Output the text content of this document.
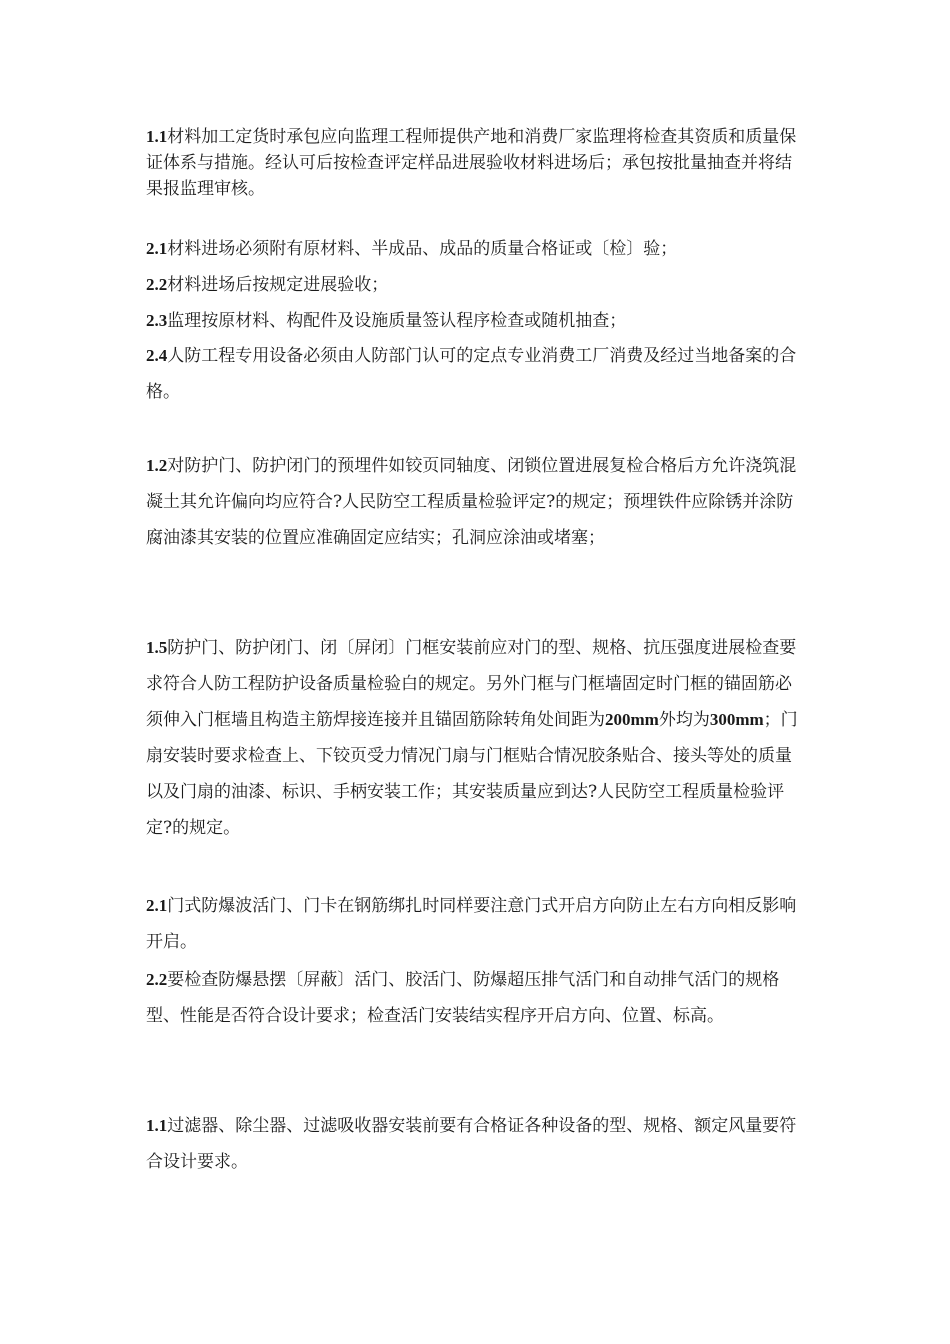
1.1材料加工定货时承包应向监理工程师提供产地和消费厂家监理将检查其资质和质量保证体系与措施。经认可后按检查评定样品进展验收材料进场后；承包按批量抽查并将结果报监理审核。

2.1材料进场必须附有原材料、半成品、成品的质量合格证或〔检〕验；

2.2材料进场后按规定进展验收；

2.3监理按原材料、构配件及设施质量签认程序检查或随机抽查；

2.4人防工程专用设备必须由人防部门认可的定点专业消费工厂消费及经过当地备案的合格。

1.2对防护门、防护闭门的预埋件如铰页同轴度、闭锁位置进展复检合格后方允许浇筑混凝土其允许偏向均应符合?人民防空工程质量检验评定?的规定；预埋铁件应除锈并涂防腐油漆其安装的位置应准确固定应结实；孔洞应涂油或堵塞；

1.5防护门、防护闭门、闭〔屏闭〕门框安装前应对门的型、规格、抗压强度进展检查要求符合人防工程防护设备质量检验白的规定。另外门框与门框墙固定时门框的锚固筋必须伸入门框墙且构造主筋焊接连接并且锚固筋除转角处间距为200mm外均为300mm；门扇安装时要求检查上、下铰页受力情况门扇与门框贴合情况胶条贴合、接头等处的质量以及门扇的油漆、标识、手柄安装工作；其安装质量应到达?人民防空工程质量检验评定?的规定。

2.1门式防爆波活门、门卡在钢筋绑扎时同样要注意门式开启方向防止左右方向相反影响开启。

2.2要检查防爆悬摆〔屏蔽〕活门、胶活门、防爆超压排气活门和自动排气活门的规格型、性能是否符合设计要求；检查活门安装结实程序开启方向、位置、标高。

1.1过滤器、除尘器、过滤吸收器安装前要有合格证各种设备的型、规格、额定风量要符合设计要求。
